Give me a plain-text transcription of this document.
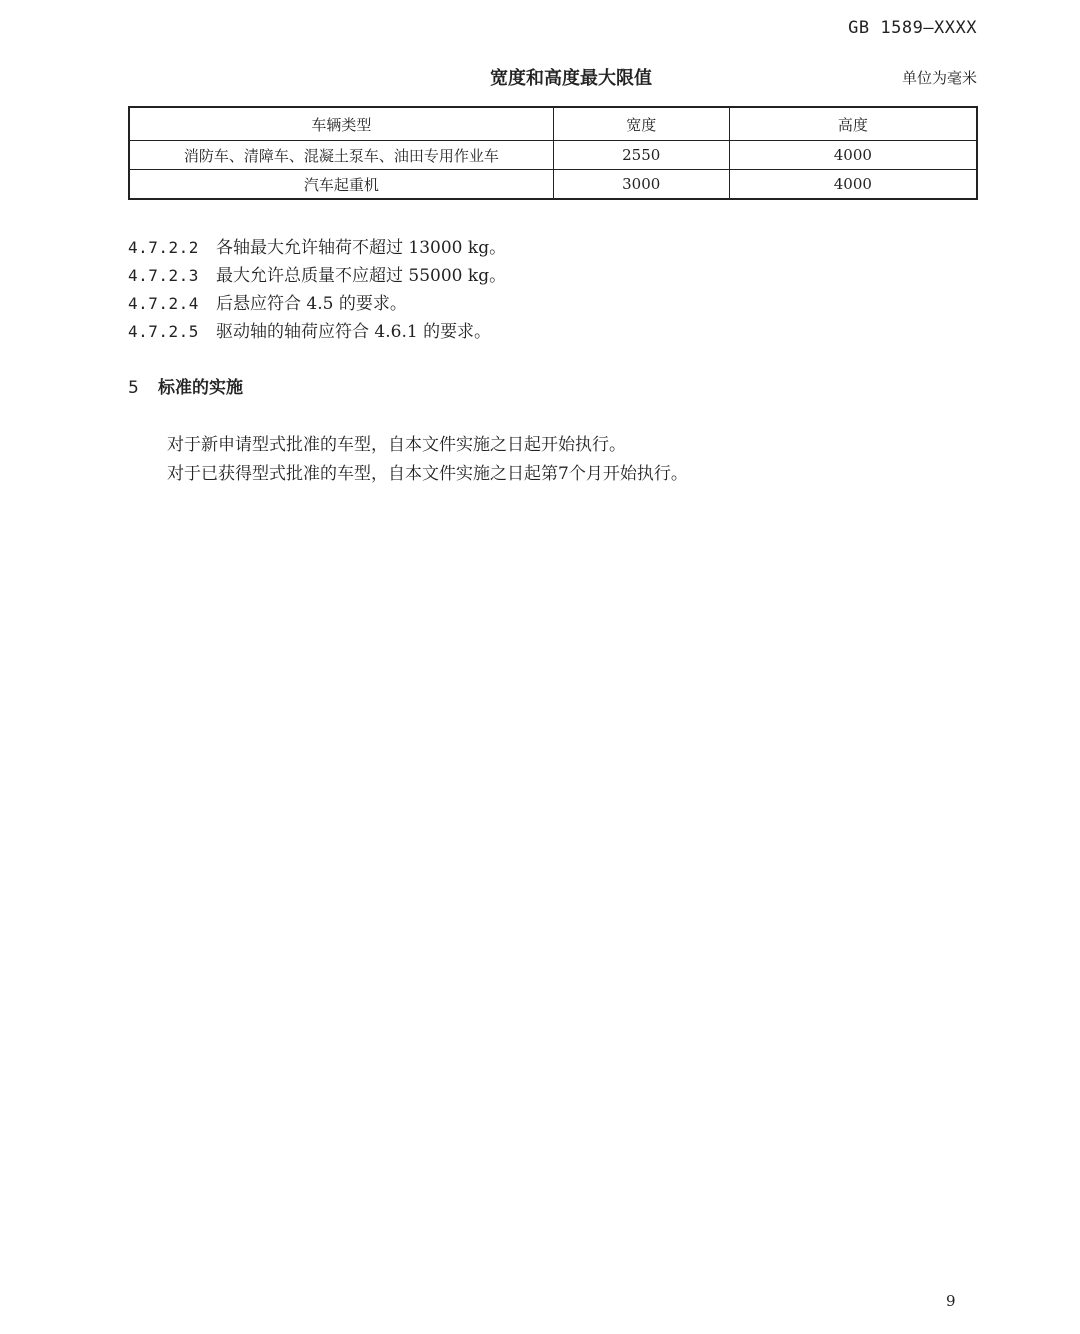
GB 1589—XXXX
宽度和高度最大限值	单位为毫米
车辆类型	宽度	高度
消防车、清障车、混凝土泵车、油田专用作业车	2550	4000
汽车起重机	3000	4000
4.7.2.2 各轴最大允许轴荷不超过 13000 kg。
4.7.2.3 最大允许总质量不应超过 55000 kg。
4.7.2.4 后悬应符合 4.5 的要求。
4.7.2.5 驱动轴的轴荷应符合 4.6.1 的要求。
5 标准的实施
对于新申请型式批准的车型，自本文件实施之日起开始执行。
对于已获得型式批准的车型，自本文件实施之日起第7个月开始执行。
9
